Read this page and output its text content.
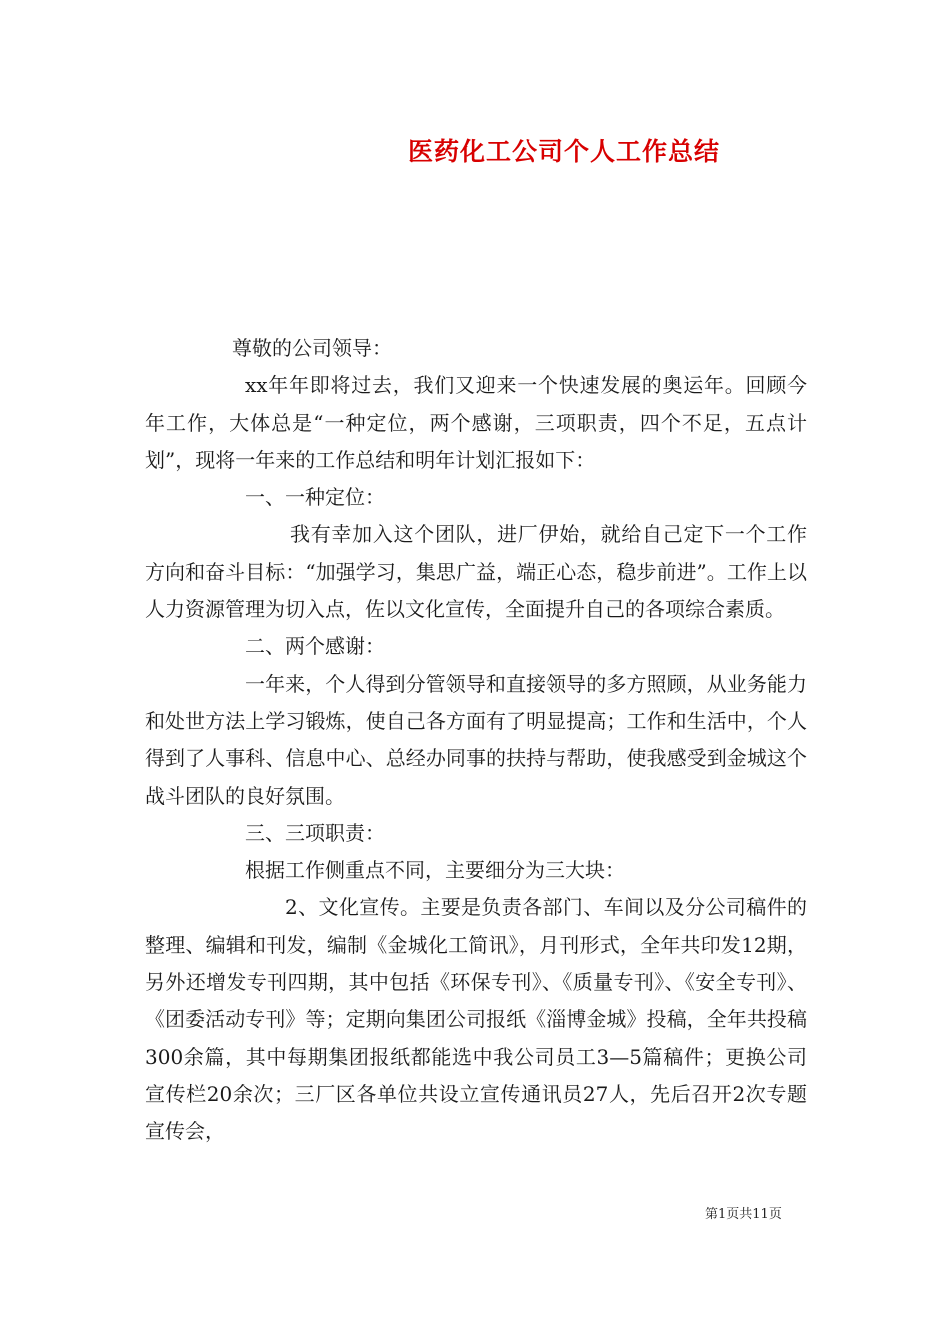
医药化工公司个人工作总结

尊敬的公司领导：

xx年年即将过去，我们又迎来一个快速发展的奥运年。回顾今年工作，大体总是“一种定位，两个感谢，三项职责，四个不足，五点计划”，现将一年来的工作总结和明年计划汇报如下：

一、一种定位：

我有幸加入这个团队，进厂伊始，就给自己定下一个工作方向和奋斗目标：“加强学习，集思广益，端正心态，稳步前进”。工作上以人力资源管理为切入点，佐以文化宣传，全面提升自己的各项综合素质。

二、两个感谢：

一年来，个人得到分管领导和直接领导的多方照顾，从业务能力和处世方法上学习锻炼，使自己各方面有了明显提高；工作和生活中，个人得到了人事科、信息中心、总经办同事的扶持与帮助，使我感受到金城这个战斗团队的良好氛围。

三、三项职责：

根据工作侧重点不同，主要细分为三大块：

2、文化宣传。主要是负责各部门、车间以及分公司稿件的整理、编辑和刊发，编制《金城化工简讯》，月刊形式，全年共印发12期，另外还增发专刊四期，其中包括《环保专刊》、《质量专刊》、《安全专刊》、《团委活动专刊》等；定期向集团公司报纸《淄博金城》投稿，全年共投稿300余篇，其中每期集团报纸都能选中我公司员工3—5篇稿件；更换公司宣传栏20余次；三厂区各单位共设立宣传通讯员27人，先后召开2次专题宣传会，

第1页共11页
